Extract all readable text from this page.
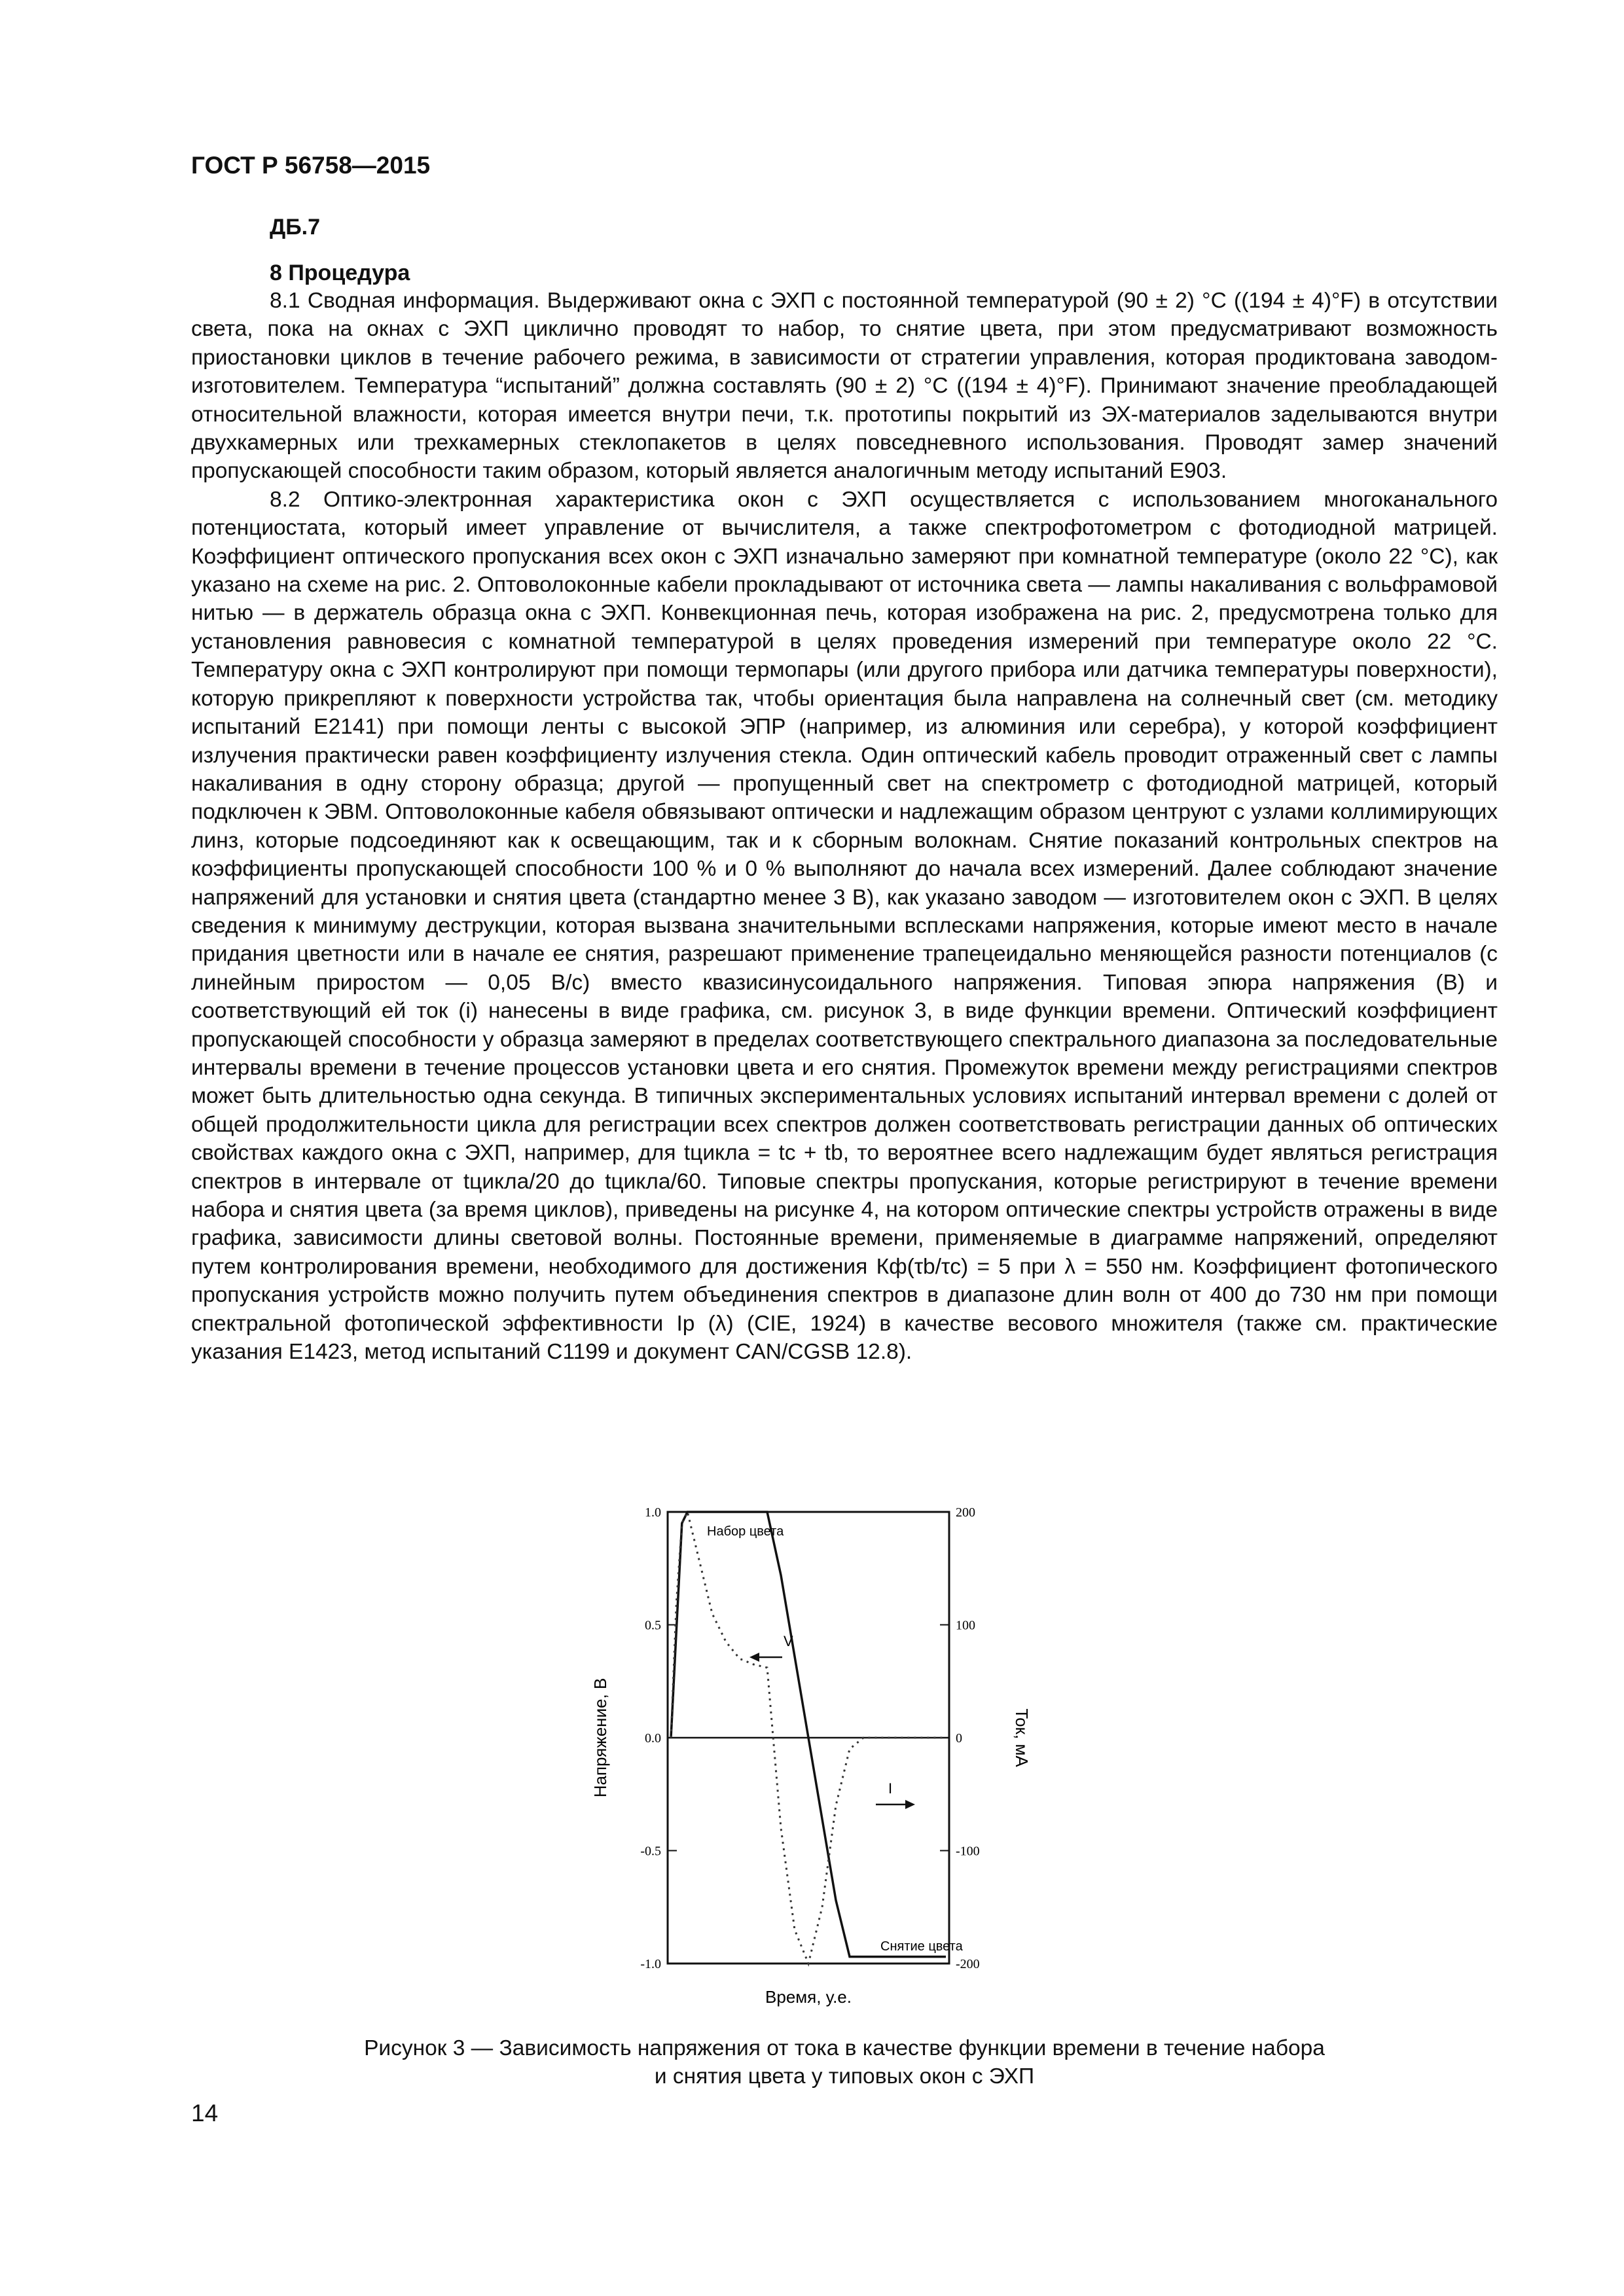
ГОСТ Р 56758—2015
ДБ.7
8 Процедура

8.1 Сводная информация. Выдерживают окна с ЭХП с постоянной температурой (90 ± 2) °С ((194 ± 4)°F) в отсутствии света, пока на окнах с ЭХП циклично проводят то набор, то снятие цвета, при этом предусматривают возможность приостановки циклов в течение рабочего режима, в зависимости от стратегии управления, которая продиктована заводом-изготовителем. Температура “испытаний” должна составлять (90 ± 2) °С ((194 ± 4)°F). Принимают значение преобладающей относительной влажности, которая имеется внутри печи, т.к. прототипы покрытий из ЭХ-материалов заделываются внутри двухкамерных или трехкамерных стеклопакетов в целях повседневного использования. Проводят замер значений пропускающей способности таким образом, который является аналогичным методу испытаний Е903.

8.2 Оптико-электронная характеристика окон с ЭХП осуществляется с использованием многоканального потенциостата, который имеет управление от вычислителя, а также спектрофотометром с фотодиодной матрицей. Коэффициент оптического пропускания всех окон с ЭХП изначально замеряют при комнатной температуре (около 22 °С), как указано на схеме на рис. 2. Оптоволоконные кабели прокладывают от источника света — лампы накаливания с вольфрамовой нитью — в держатель образца окна с ЭХП. Конвекционная печь, которая изображена на рис. 2, предусмотрена только для установления равновесия с комнатной температурой в целях проведения измерений при температуре около 22 °С. Температуру окна с ЭХП контролируют при помощи термопары (или другого прибора или датчика температуры поверхности), которую прикрепляют к поверхности устройства так, чтобы ориентация была направлена на солнечный свет (см. методику испытаний Е2141) при помощи ленты с высокой ЭПР (например, из алюминия или серебра), у которой коэффициент излучения практически равен коэффициенту излучения стекла. Один оптический кабель проводит отраженный свет с лампы накаливания в одну сторону образца; другой — пропущенный свет на спектрометр с фотодиодной матрицей, который подключен к ЭВМ. Оптоволоконные кабеля обвязывают оптически и надлежащим образом центруют с узлами коллимирующих линз, которые подсоединяют как к освещающим, так и к сборным волокнам. Снятие показаний контрольных спектров на коэффициенты пропускающей способности 100 % и 0 % выполняют до начала всех измерений. Далее соблюдают значение напряжений для установки и снятия цвета (стандартно менее 3 В), как указано заводом — изготовителем окон с ЭХП. В целях сведения к минимуму деструкции, которая вызвана значительными всплесками напряжения, которые имеют место в начале придания цветности или в начале ее снятия, разрешают применение трапецеидально меняющейся разности потенциалов (с линейным приростом — 0,05 В/с) вместо квазисинусоидального напряжения. Типовая эпюра напряжения (В) и соответствующий ей ток (i) нанесены в виде графика, см. рисунок 3, в виде функции времени. Оптический коэффициент пропускающей способности у образца замеряют в пределах соответствующего спектрального диапазона за последовательные интервалы времени в течение процессов установки цвета и его снятия. Промежуток времени между регистрациями спектров может быть длительностью одна секунда. В типичных экспериментальных условиях испытаний интервал времени с долей от общей продолжительности цикла для регистрации всех спектров должен соответствовать регистрации данных об оптических свойствах каждого окна с ЭХП, например, для tцикла = tc + tb, то вероятнее всего надлежащим будет являться регистрация спектров в интервале от tцикла/20 до tцикла/60. Типовые спектры пропускания, которые регистрируют в течение времени набора и снятия цвета (за время циклов), приведены на рисунке 4, на котором оптические спектры устройств отражены в виде графика, зависимости длины световой волны. Постоянные времени, применяемые в диаграмме напряжений, определяют путем контролирования времени, необходимого для достижения Кф(τb/τc) = 5 при λ = 550 нм. Коэффициент фотопического пропускания устройств можно получить путем объединения спектров в диапазоне длин волн от 400 до 730 нм при помощи спектральной фотопической эффективности Ip (λ) (CIE, 1924) в качестве весового множителя (также см. практические указания Е1423, метод испытаний С1199 и документ CAN/CGSB 12.8).

1.0	200
0.5	100
0.0	0
-0.5	-100
-1.0	-200
Набор цвета
Снятие цвета
V
I
Напряжение, В	Ток, мА
Время, у.е.
Рисунок 3 — Зависимость напряжения от тока в качестве функции времени в течение набора
и снятия цвета у типовых окон с ЭХП
14
